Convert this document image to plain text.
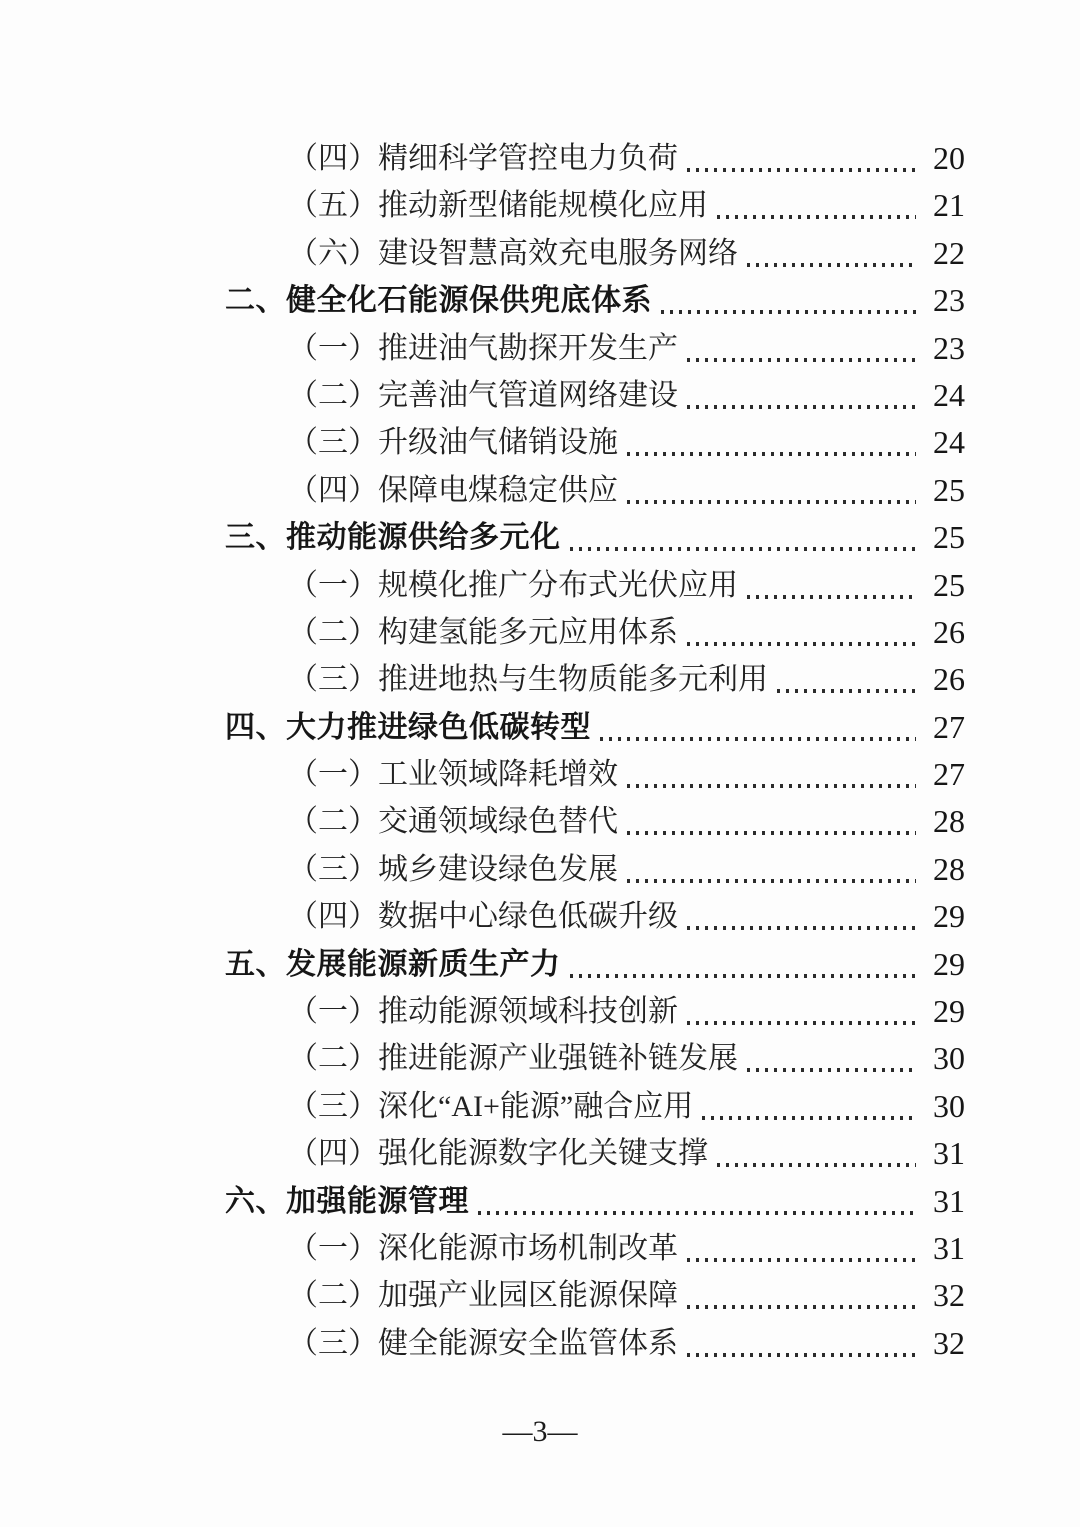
（四）精细科学管控电力负荷	20
（五）推动新型储能规模化应用	21
（六）建设智慧高效充电服务网络	22
二、健全化石能源保供兜底体系	23
（一）推进油气勘探开发生产	23
（二）完善油气管道网络建设	24
（三）升级油气储销设施	24
（四）保障电煤稳定供应	25
三、推动能源供给多元化	25
（一）规模化推广分布式光伏应用	25
（二）构建氢能多元应用体系	26
（三）推进地热与生物质能多元利用	26
四、大力推进绿色低碳转型	27
（一）工业领域降耗增效	27
（二）交通领域绿色替代	28
（三）城乡建设绿色发展	28
（四）数据中心绿色低碳升级	29
五、发展能源新质生产力	29
（一）推动能源领域科技创新	29
（二）推进能源产业强链补链发展	30
（三）深化“AI+能源”融合应用	30
（四）强化能源数字化关键支撑	31
六、加强能源管理	31
（一）深化能源市场机制改革	31
（二）加强产业园区能源保障	32
（三）健全能源安全监管体系	32
—3—
